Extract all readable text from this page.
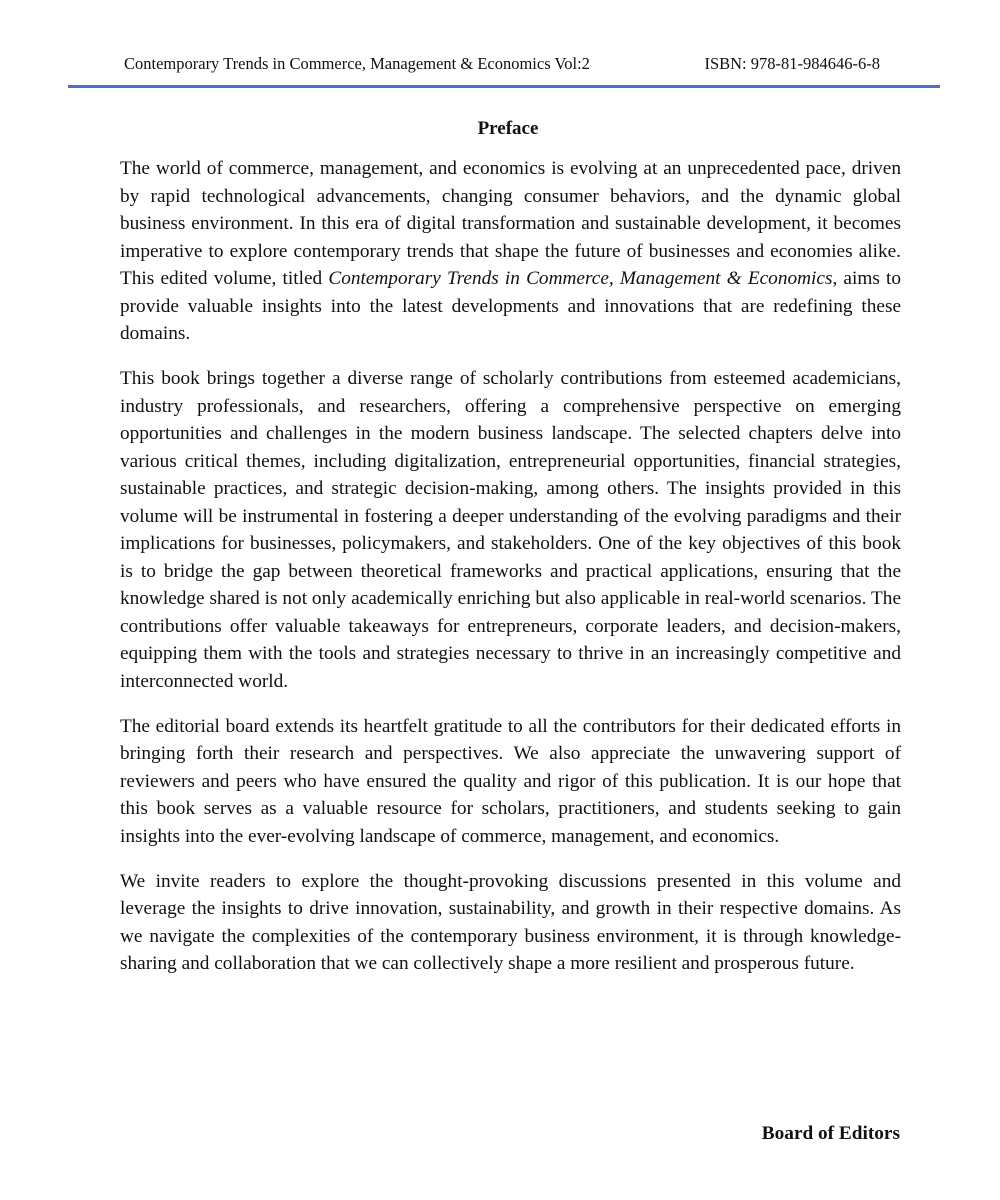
Contemporary Trends in Commerce, Management & Economics Vol:2	ISBN: 978-81-984646-6-8
Preface

The world of commerce, management, and economics is evolving at an unprecedented pace, driven by rapid technological advancements, changing consumer behaviors, and the dynamic global business environment. In this era of digital transformation and sustainable development, it becomes imperative to explore contemporary trends that shape the future of businesses and economies alike. This edited volume, titled Contemporary Trends in Commerce, Management & Economics, aims to provide valuable insights into the latest developments and innovations that are redefining these domains.

This book brings together a diverse range of scholarly contributions from esteemed academicians, industry professionals, and researchers, offering a comprehensive perspective on emerging opportunities and challenges in the modern business landscape. The selected chapters delve into various critical themes, including digitalization, entrepreneurial opportunities, financial strategies, sustainable practices, and strategic decision-making, among others. The insights provided in this volume will be instrumental in fostering a deeper understanding of the evolving paradigms and their implications for businesses, policymakers, and stakeholders. One of the key objectives of this book is to bridge the gap between theoretical frameworks and practical applications, ensuring that the knowledge shared is not only academically enriching but also applicable in real-world scenarios. The contributions offer valuable takeaways for entrepreneurs, corporate leaders, and decision-makers, equipping them with the tools and strategies necessary to thrive in an increasingly competitive and interconnected world.

The editorial board extends its heartfelt gratitude to all the contributors for their dedicated efforts in bringing forth their research and perspectives. We also appreciate the unwavering support of reviewers and peers who have ensured the quality and rigor of this publication. It is our hope that this book serves as a valuable resource for scholars, practitioners, and students seeking to gain insights into the ever-evolving landscape of commerce, management, and economics.

We invite readers to explore the thought-provoking discussions presented in this volume and leverage the insights to drive innovation, sustainability, and growth in their respective domains. As we navigate the complexities of the contemporary business environment, it is through knowledge-sharing and collaboration that we can collectively shape a more resilient and prosperous future.

Board of Editors
